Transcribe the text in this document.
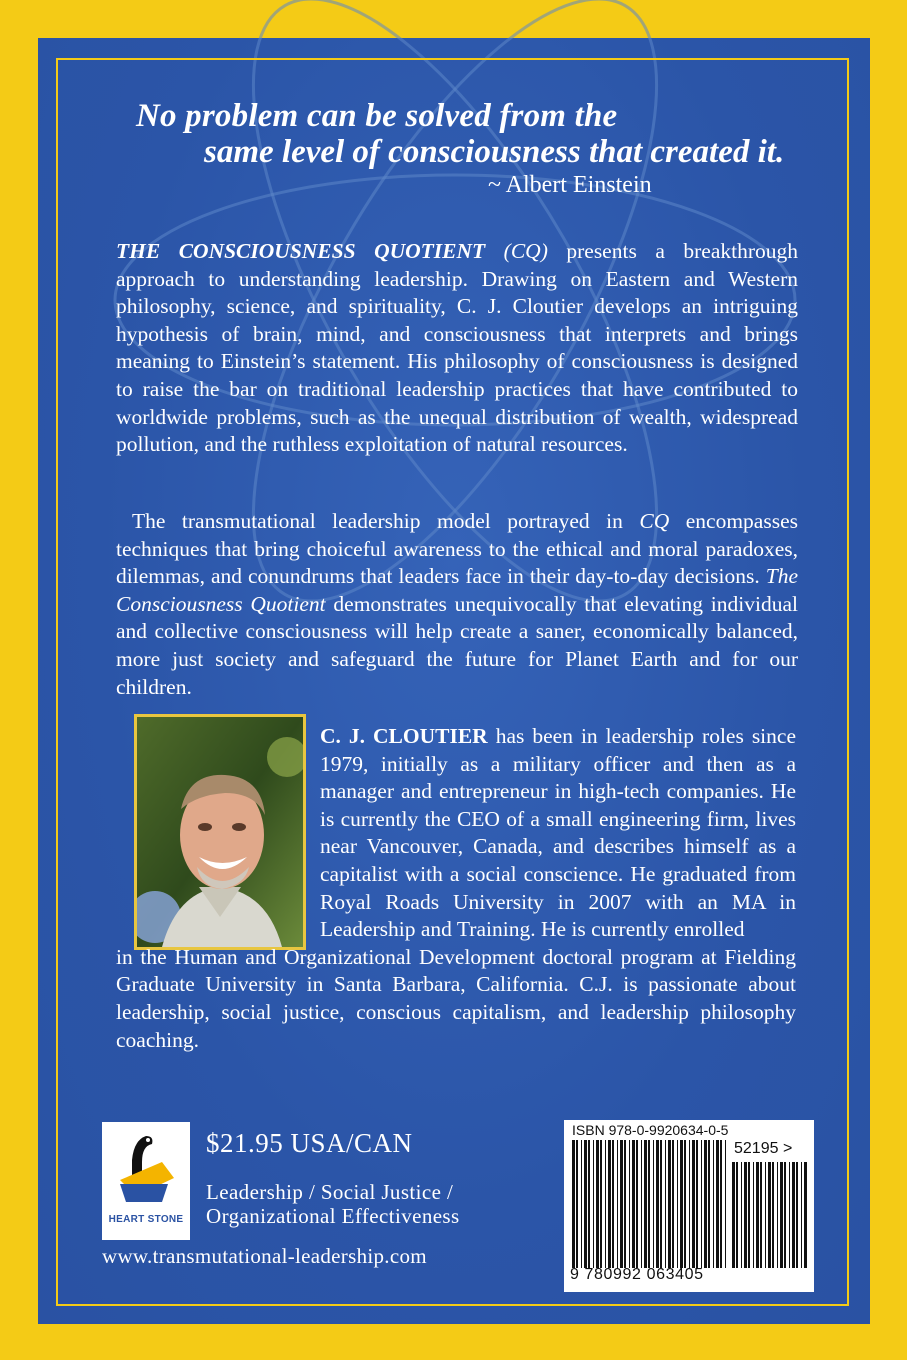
No problem can be solved from the
same level of consciousness that created it.
~ Albert Einstein
THE CONSCIOUSNESS QUOTIENT (CQ) presents a breakthrough approach to understanding leadership. Drawing on Eastern and Western philosophy, science, and spirituality, C. J. Cloutier develops an intriguing hypothesis of brain, mind, and consciousness that interprets and brings meaning to Einstein’s statement. His philosophy of consciousness is designed to raise the bar on traditional leadership practices that have contributed to worldwide problems, such as the unequal distribution of wealth, widespread pollution, and the ruthless exploitation of natural resources.
The transmutational leadership model portrayed in CQ encompasses techniques that bring choiceful awareness to the ethical and moral paradoxes, dilemmas, and conundrums that leaders face in their day-to-day decisions. The Consciousness Quotient demonstrates unequivocally that elevating individual and collective consciousness will help create a saner, economically balanced, more just society and safeguard the future for Planet Earth and for our children.
C. J. CLOUTIER has been in leadership roles since 1979, initially as a military officer and then as a manager and entrepreneur in high-tech companies. He is currently the CEO of a small engineering firm, lives near Vancouver, Canada, and describes himself as a capitalist with a social conscience. He graduated from Royal Roads University in 2007 with an MA in Leadership and Training. He is currently enrolled
in the Human and Organizational Development doctoral program at Fielding Graduate University in Santa Barbara, California. C.J. is passionate about leadership, social justice, conscious capitalism, and leadership philosophy coaching.
HEART STONE
$21.95 USA/CAN
Leadership / Social Justice /
Organizational Effectiveness
www.transmutational-leadership.com
ISBN 978-0-9920634-0-5
52195 >
9 780992 063405
